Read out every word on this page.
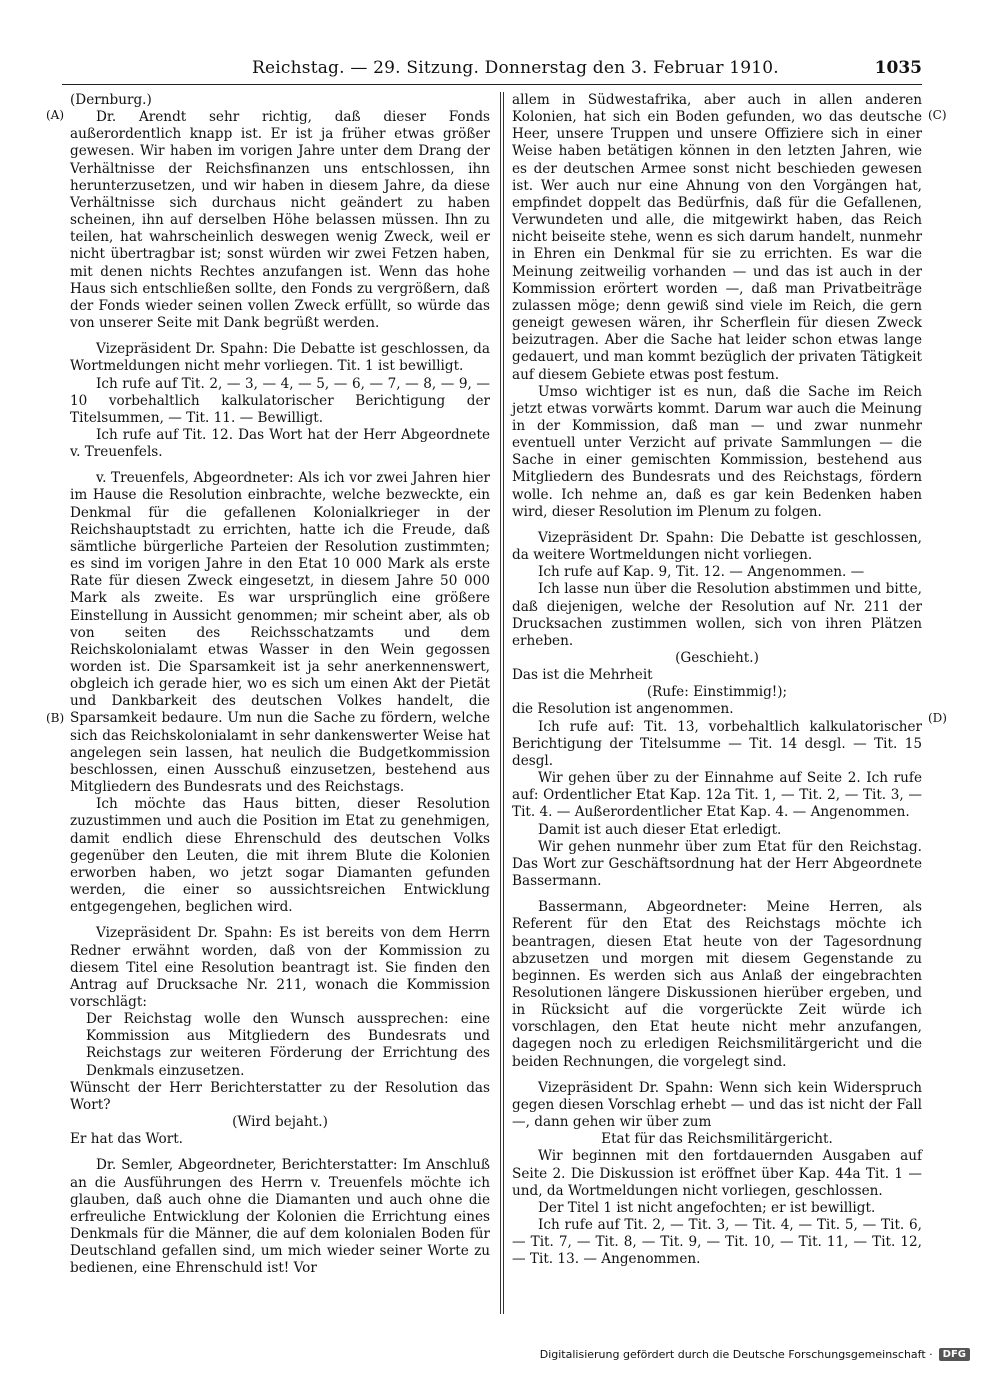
Reichstag. — 29. Sitzung. Donnerstag den 3. Februar 1910.	1035
(A)
(B)
(C)
(D)

(Dernburg.)

Dr. Arendt sehr richtig, daß dieser Fonds außerordentlich knapp ist. Er ist ja früher etwas größer gewesen. Wir haben im vorigen Jahre unter dem Drang der Verhältnisse der Reichsfinanzen uns entschlossen, ihn herunterzusetzen, und wir haben in diesem Jahre, da diese Verhältnisse sich durchaus nicht geändert zu haben scheinen, ihn auf derselben Höhe belassen müssen. Ihn zu teilen, hat wahrscheinlich deswegen wenig Zweck, weil er nicht übertragbar ist; sonst würden wir zwei Fetzen haben, mit denen nichts Rechtes anzufangen ist. Wenn das hohe Haus sich entschließen sollte, den Fonds zu vergrößern, daß der Fonds wieder seinen vollen Zweck erfüllt, so würde das von unserer Seite mit Dank begrüßt werden.

Vizepräsident Dr. Spahn: Die Debatte ist geschlossen, da Wortmeldungen nicht mehr vorliegen. Tit. 1 ist bewilligt.

Ich rufe auf Tit. 2, — 3, — 4, — 5, — 6, — 7, — 8, — 9, — 10 vorbehaltlich kalkulatorischer Berichtigung der Titelsummen, — Tit. 11. — Bewilligt.

Ich rufe auf Tit. 12. Das Wort hat der Herr Abgeordnete v. Treuenfels.

v. Treuenfels, Abgeordneter: Als ich vor zwei Jahren hier im Hause die Resolution einbrachte, welche bezweckte, ein Denkmal für die gefallenen Kolonialkrieger in der Reichshauptstadt zu errichten, hatte ich die Freude, daß sämtliche bürgerliche Parteien der Resolution zustimmten; es sind im vorigen Jahre in den Etat 10 000 Mark als erste Rate für diesen Zweck eingesetzt, in diesem Jahre 50 000 Mark als zweite. Es war ursprünglich eine größere Einstellung in Aussicht genommen; mir scheint aber, als ob von seiten des Reichsschatzamts und dem Reichskolonialamt etwas Wasser in den Wein gegossen worden ist. Die Sparsamkeit ist ja sehr anerkennenswert, obgleich ich gerade hier, wo es sich um einen Akt der Pietät und Dankbarkeit des deutschen Volkes handelt, die Sparsamkeit bedaure. Um nun die Sache zu fördern, welche sich das Reichskolonialamt in sehr dankenswerter Weise hat angelegen sein lassen, hat neulich die Budgetkommission beschlossen, einen Ausschuß einzusetzen, bestehend aus Mitgliedern des Bundesrats und des Reichstags.

Ich möchte das Haus bitten, dieser Resolution zuzustimmen und auch die Position im Etat zu genehmigen, damit endlich diese Ehrenschuld des deutschen Volks gegenüber den Leuten, die mit ihrem Blute die Kolonien erworben haben, wo jetzt sogar Diamanten gefunden werden, die einer so aussichtsreichen Entwicklung entgegengehen, beglichen wird.

Vizepräsident Dr. Spahn: Es ist bereits von dem Herrn Redner erwähnt worden, daß von der Kommission zu diesem Titel eine Resolution beantragt ist. Sie finden den Antrag auf Drucksache Nr. 211, wonach die Kommission vorschlägt:

Der Reichstag wolle den Wunsch aussprechen: eine Kommission aus Mitgliedern des Bundesrats und Reichstags zur weiteren Förderung der Errichtung des Denkmals einzusetzen.

Wünscht der Herr Berichterstatter zu der Resolution das Wort?

(Wird bejaht.)

Er hat das Wort.

Dr. Semler, Abgeordneter, Berichterstatter: Im Anschluß an die Ausführungen des Herrn v. Treuenfels möchte ich glauben, daß auch ohne die Diamanten und auch ohne die erfreuliche Entwicklung der Kolonien die Errichtung eines Denkmals für die Männer, die auf dem kolonialen Boden für Deutschland gefallen sind, um mich wieder seiner Worte zu bedienen, eine Ehrenschuld ist! Vor

allem in Südwestafrika, aber auch in allen anderen Kolonien, hat sich ein Boden gefunden, wo das deutsche Heer, unsere Truppen und unsere Offiziere sich in einer Weise haben betätigen können in den letzten Jahren, wie es der deutschen Armee sonst nicht beschieden gewesen ist. Wer auch nur eine Ahnung von den Vorgängen hat, empfindet doppelt das Bedürfnis, daß für die Gefallenen, Verwundeten und alle, die mitgewirkt haben, das Reich nicht beiseite stehe, wenn es sich darum handelt, nunmehr in Ehren ein Denkmal für sie zu errichten. Es war die Meinung zeitweilig vorhanden — und das ist auch in der Kommission erörtert worden —, daß man Privatbeiträge zulassen möge; denn gewiß sind viele im Reich, die gern geneigt gewesen wären, ihr Scherflein für diesen Zweck beizutragen. Aber die Sache hat leider schon etwas lange gedauert, und man kommt bezüglich der privaten Tätigkeit auf diesem Gebiete etwas post festum.

Umso wichtiger ist es nun, daß die Sache im Reich jetzt etwas vorwärts kommt. Darum war auch die Meinung in der Kommission, daß man — und zwar nunmehr eventuell unter Verzicht auf private Sammlungen — die Sache in einer gemischten Kommission, bestehend aus Mitgliedern des Bundesrats und des Reichstags, fördern wolle. Ich nehme an, daß es gar kein Bedenken haben wird, dieser Resolution im Plenum zu folgen.

Vizepräsident Dr. Spahn: Die Debatte ist geschlossen, da weitere Wortmeldungen nicht vorliegen.

Ich rufe auf Kap. 9, Tit. 12. — Angenommen. —

Ich lasse nun über die Resolution abstimmen und bitte, daß diejenigen, welche der Resolution auf Nr. 211 der Drucksachen zustimmen wollen, sich von ihren Plätzen erheben.

(Geschieht.)

Das ist die Mehrheit

(Rufe: Einstimmig!);

die Resolution ist angenommen.

Ich rufe auf: Tit. 13, vorbehaltlich kalkulatorischer Berichtigung der Titelsumme — Tit. 14 desgl. — Tit. 15 desgl.

Wir gehen über zu der Einnahme auf Seite 2. Ich rufe auf: Ordentlicher Etat Kap. 12a Tit. 1, — Tit. 2, — Tit. 3, — Tit. 4. — Außerordentlicher Etat Kap. 4. — Angenommen.

Damit ist auch dieser Etat erledigt.

Wir gehen nunmehr über zum Etat für den Reichstag. Das Wort zur Geschäftsordnung hat der Herr Abgeordnete Bassermann.

Bassermann, Abgeordneter: Meine Herren, als Referent für den Etat des Reichstags möchte ich beantragen, diesen Etat heute von der Tagesordnung abzusetzen und morgen mit diesem Gegenstande zu beginnen. Es werden sich aus Anlaß der eingebrachten Resolutionen längere Diskussionen hierüber ergeben, und in Rücksicht auf die vorgerückte Zeit würde ich vorschlagen, den Etat heute nicht mehr anzufangen, dagegen noch zu erledigen Reichsmilitärgericht und die beiden Rechnungen, die vorgelegt sind.

Vizepräsident Dr. Spahn: Wenn sich kein Widerspruch gegen diesen Vorschlag erhebt — und das ist nicht der Fall —, dann gehen wir über zum

Etat für das Reichsmilitärgericht.

Wir beginnen mit den fortdauernden Ausgaben auf Seite 2. Die Diskussion ist eröffnet über Kap. 44a Tit. 1 — und, da Wortmeldungen nicht vorliegen, geschlossen.

Der Titel 1 ist nicht angefochten; er ist bewilligt.

Ich rufe auf Tit. 2, — Tit. 3, — Tit. 4, — Tit. 5, — Tit. 6, — Tit. 7, — Tit. 8, — Tit. 9, — Tit. 10, — Tit. 11, — Tit. 12, — Tit. 13. — Angenommen.

Digitalisierung gefördert durch die Deutsche Forschungsgemeinschaft ·	DFG
